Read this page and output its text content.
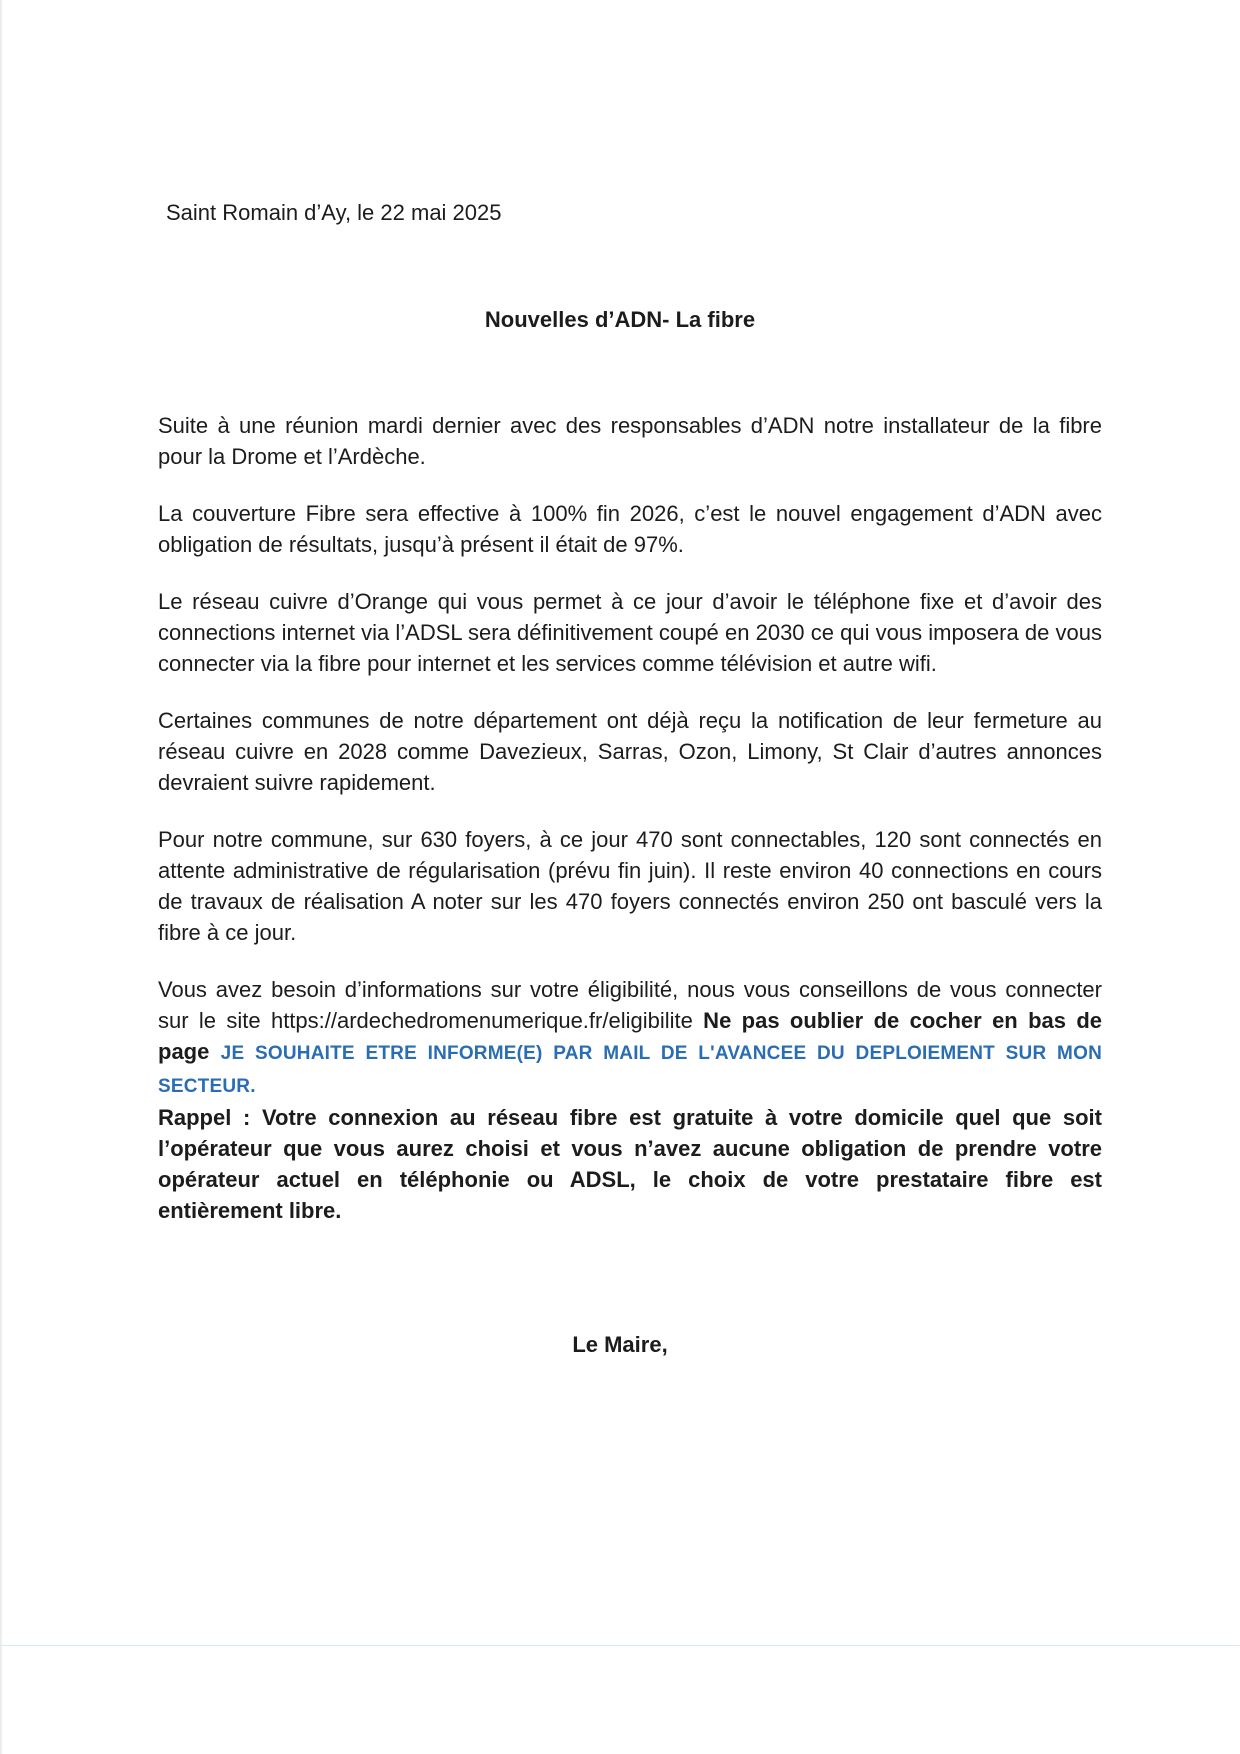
Saint Romain d’Ay, le 22 mai 2025
Nouvelles d’ADN- La fibre

Suite à une réunion mardi dernier avec des responsables d’ADN notre installateur de la fibre pour la Drome et l’Ardèche.

La couverture Fibre sera effective à 100% fin 2026, c’est le nouvel engagement d’ADN avec obligation de résultats, jusqu’à présent il était de 97%.

Le réseau cuivre d’Orange qui vous permet à ce jour d’avoir le téléphone fixe et d’avoir des connections internet via l’ADSL sera définitivement coupé en 2030 ce qui vous imposera de vous connecter via la fibre pour internet et les services comme télévision et autre wifi.

Certaines communes de notre département ont déjà reçu la notification de leur fermeture au réseau cuivre en 2028 comme Davezieux, Sarras, Ozon, Limony, St Clair d’autres annonces devraient suivre rapidement.

Pour notre commune, sur 630 foyers, à ce jour 470 sont connectables, 120 sont connectés en attente administrative de régularisation (prévu fin juin). Il reste environ 40 connections en cours de travaux de réalisation A noter sur les 470 foyers connectés environ 250 ont basculé vers la fibre à ce jour.

Vous avez besoin d’informations sur votre éligibilité, nous vous conseillons de vous connecter sur le site https://ardechedromenumerique.fr/eligibilite Ne pas oublier de cocher en bas de page JE SOUHAITE ETRE INFORME(E) PAR MAIL DE L'AVANCEE DU DEPLOIEMENT SUR MON SECTEUR.

Rappel : Votre connexion au réseau fibre est gratuite à votre domicile quel que soit l’opérateur que vous aurez choisi et vous n’avez aucune obligation de prendre votre opérateur actuel en téléphonie ou ADSL, le choix de votre prestataire fibre est entièrement libre.

Le Maire,
